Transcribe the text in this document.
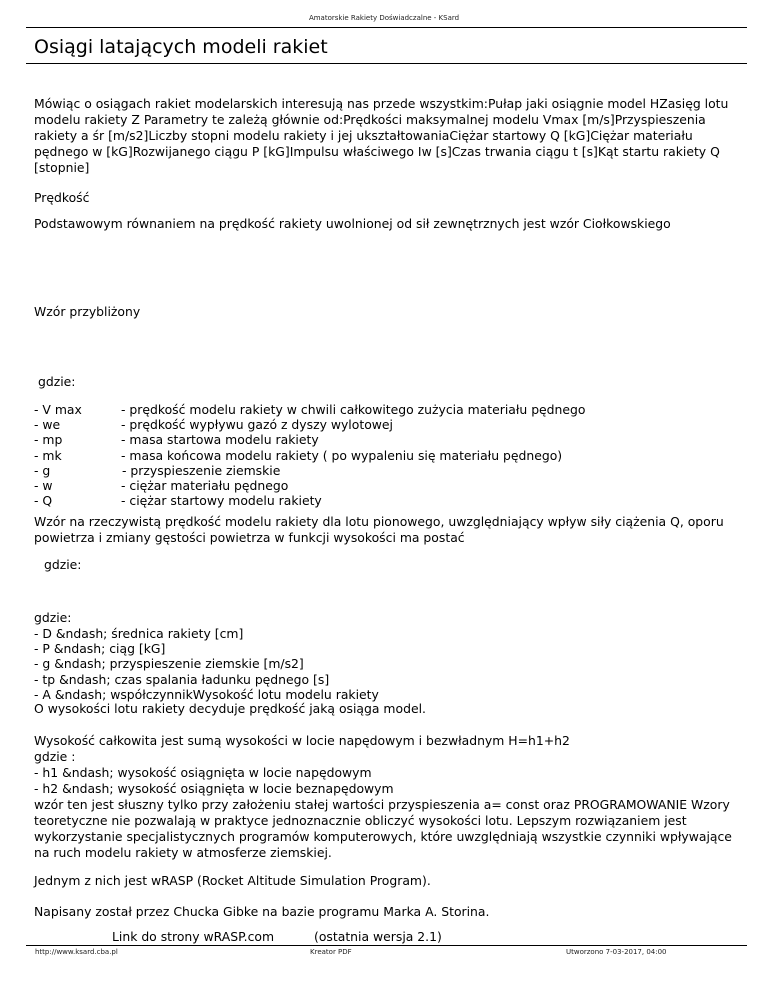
Amatorskie Rakiety Doświadczalne - KSard
Osiągi latających modeli rakiet

Mówiąc o osiągach rakiet modelarskich interesują nas przede wszystkim:Pułap jaki osiągnie model HZasięg lotu modelu rakiety Z Parametry te zależą głównie od:Prędkości maksymalnej modelu Vmax [m/s]Przyspieszenia rakiety a śr [m/s2]Liczby stopni modelu rakiety i jej ukształtowaniaCiężar startowy Q [kG]Ciężar materiału pędnego w [kG]Rozwijanego ciągu P [kG]Impulsu właściwego Iw [s]Czas trwania ciągu t [s]Kąt startu rakiety Q [stopnie]

Prędkość

Podstawowym równaniem na prędkość rakiety uwolnionej od sił zewnętrznych jest wzór Ciołkowskiego

Wzór przybliżony

gdzie:

- V max	- prędkość modelu rakiety w chwili całkowitego zużycia materiału pędnego
- we	- prędkość wypływu gazó z dyszy wylotowej
- mp	- masa startowa modelu rakiety
- mk	- masa końcowa modelu rakiety ( po wypaleniu się materiału pędnego)
- g	- przyspieszenie ziemskie
- w	- ciężar materiału pędnego
- Q	- ciężar startowy modelu rakiety

Wzór na rzeczywistą prędkość modelu rakiety dla lotu pionowego, uwzględniający wpływ siły ciążenia Q, oporu powietrza i zmiany gęstości powietrza w funkcji wysokości ma postać

gdzie:

gdzie:

- D &ndash; średnica rakiety [cm]
- P &ndash; ciąg [kG]
- g &ndash; przyspieszenie ziemskie [m/s2]
- tp &ndash; czas spalania ładunku pędnego [s]
- A &ndash; współczynnikWysokość lotu modelu rakiety

O wysokości lotu rakiety decyduje prędkość jaką osiąga model.

Wysokość całkowita jest sumą wysokości w locie napędowym i bezwładnym H=h1+h2
gdzie :
- h1 &ndash; wysokość osiągnięta w locie napędowym
- h2 &ndash; wysokość osiągnięta w locie beznapędowym

wzór ten jest słuszny tylko przy założeniu stałej wartości przyspieszenia a= const oraz PROGRAMOWANIE Wzory teoretyczne nie pozwalają w praktyce jednoznacznie obliczyć wysokości lotu. Lepszym rozwiązaniem jest wykorzystanie specjalistycznych programów komputerowych, które uwzględniają wszystkie czynniki wpływające na ruch modelu rakiety w atmosferze ziemskiej.

Jednym z nich jest wRASP (Rocket Altitude Simulation Program).

Napisany został przez Chucka Gibke na bazie programu Marka A. Storina.

Link do strony wRASP.com	(ostatnia wersja 2.1)
http://www.ksard.cba.pl	Kreator PDF	Utworzono 7-03-2017, 04:00
